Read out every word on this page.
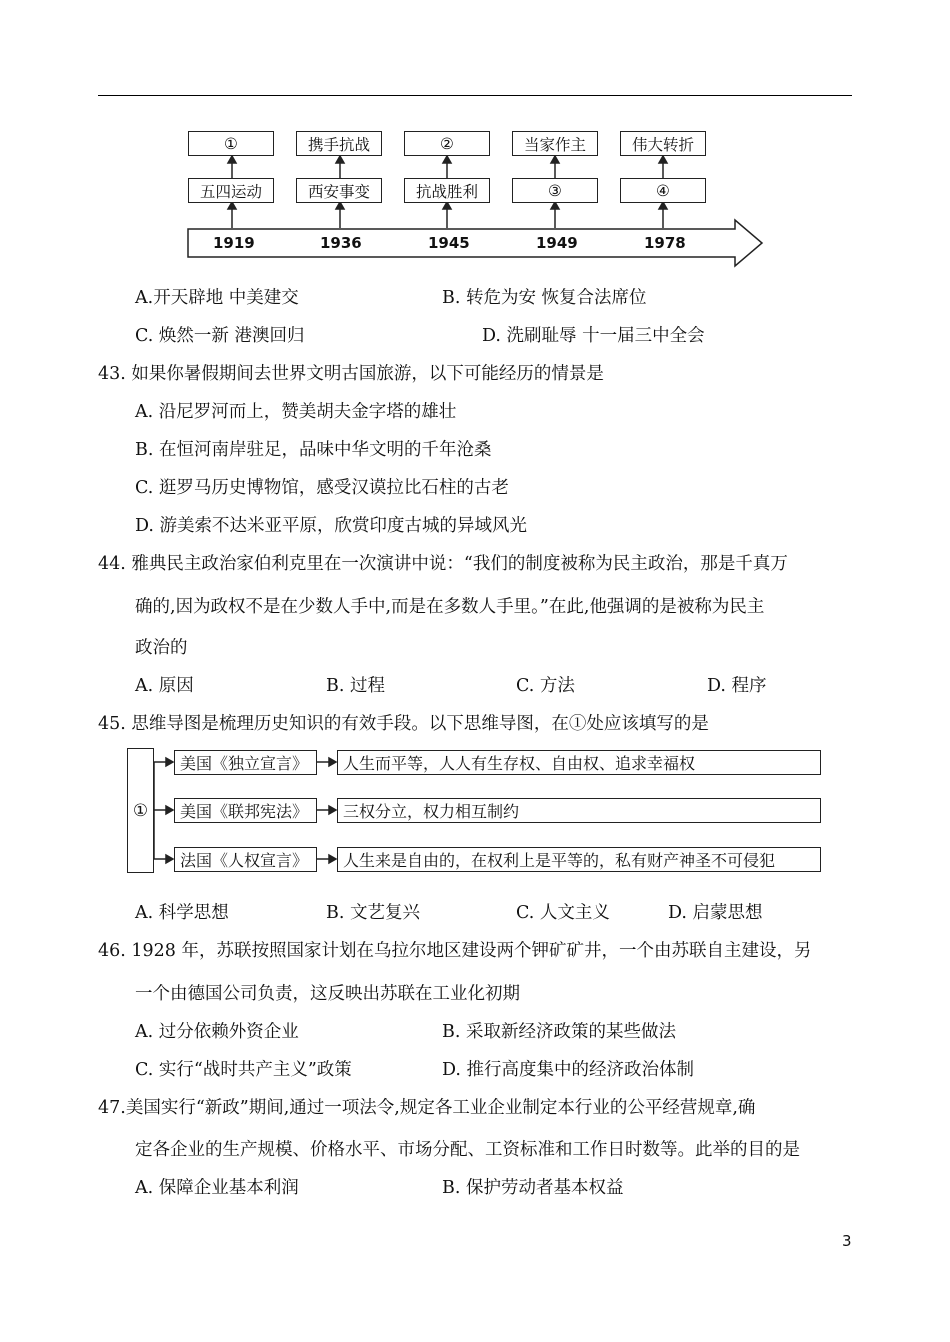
①	携手抗战	②	当家作主	伟大转折
五四运动	西安事变	抗战胜利	③	④
1919	1936	1945	1949	1978
A.开天辟地 中美建交	B. 转危为安 恢复合法席位
C. 焕然一新 港澳回归	D. 洗刷耻辱 十一届三中全会
43. 如果你暑假期间去世界文明古国旅游，以下可能经历的情景是
A. 沿尼罗河而上，赞美胡夫金字塔的雄壮
B. 在恒河南岸驻足，品味中华文明的千年沧桑
C. 逛罗马历史博物馆，感受汉谟拉比石柱的古老
D. 游美索不达米亚平原，欣赏印度古城的异域风光
44. 雅典民主政治家伯利克里在一次演讲中说：“我们的制度被称为民主政治，那是千真万
确的,因为政权不是在少数人手中,而是在多数人手里。”在此,他强调的是被称为民主
政治的
A. 原因	B. 过程	C. 方法	D. 程序
45. 思维导图是梳理历史知识的有效手段。以下思维导图，在①处应该填写的是
①
美国《独立宣言》
美国《联邦宪法》
法国《人权宣言》
人生而平等，人人有生存权、自由权、追求幸福权
三权分立，权力相互制约
人生来是自由的，在权利上是平等的，私有财产神圣不可侵犯
A. 科学思想	B. 文艺复兴	C. 人文主义	D. 启蒙思想
46. 1928 年，苏联按照国家计划在乌拉尔地区建设两个钾矿矿井，一个由苏联自主建设，另
一个由德国公司负责，这反映出苏联在工业化初期
A. 过分依赖外资企业	B. 采取新经济政策的某些做法
C. 实行“战时共产主义”政策	D. 推行高度集中的经济政治体制
47.美国实行“新政”期间,通过一项法令,规定各工业企业制定本行业的公平经营规章,确
定各企业的生产规模、价格水平、市场分配、工资标准和工作日时数等。此举的目的是
A. 保障企业基本利润	B. 保护劳动者基本权益
3
